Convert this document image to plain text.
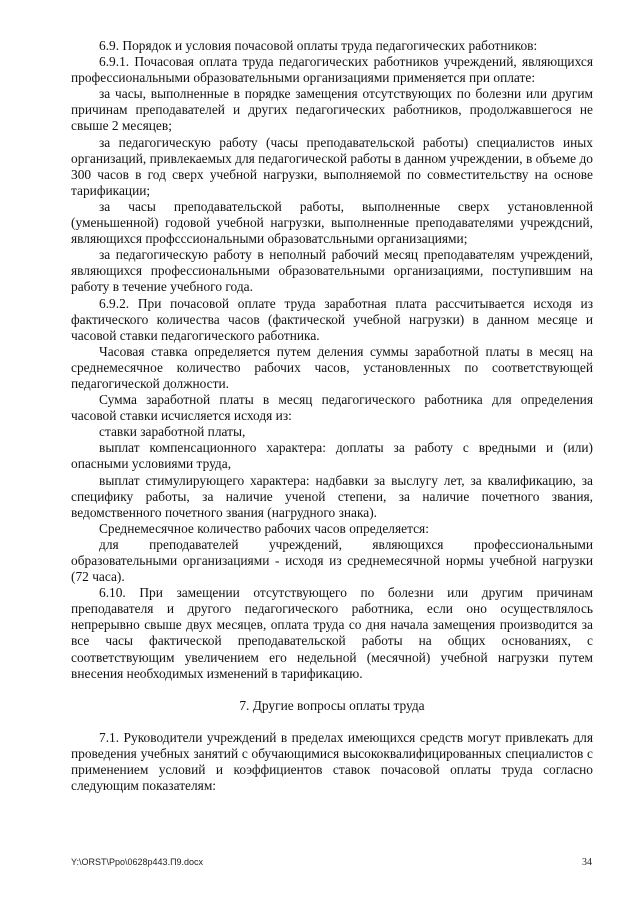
6.9. Порядок и условия почасовой оплаты труда педагогических работников:

6.9.1. Почасовая оплата труда педагогических работников учреждений, являющихся профессиональными образовательными организациями применяется при оплате:

за часы, выполненные в порядке замещения отсутствующих по болезни или другим причинам преподавателей и других педагогических работников, продолжавшегося не свыше 2 месяцев;

за педагогическую работу (часы преподавательской работы) специалистов иных организаций, привлекаемых для педагогической работы в данном учреждении, в объеме до 300 часов в год сверх учебной нагрузки, выполняемой по совместительству на основе тарификации;

за часы преподавательской работы, выполненные сверх установленной (уменьшенной) годовой учебной нагрузки, выполненные преподавателями учреждсний, являющихся профсссиональными образоватсльными организациями;

за педагогическую работу в неполный рабочий месяц преподавателям учреждений, являющихся профессиональными образовательными организациями, поступившим на работу в течение учебного года.

6.9.2. При почасовой оплате труда заработная плата рассчитывается исходя из фактического количества часов (фактической учебной нагрузки) в данном месяце и часовой ставки педагогического работника.

Часовая ставка определяется путем деления суммы заработной платы в месяц на среднемесячное количество рабочих часов, установленных по соответствующей педагогической должности.

Сумма заработной платы в месяц педагогического работника для определения часовой ставки исчисляется исходя из:

ставки заработной платы,

выплат компенсационного характера: доплаты за работу с вредными и (или) опасными условиями труда,

выплат стимулирующего характера: надбавки за выслугу лет, за квалификацию, за специфику работы, за наличие ученой степени, за наличие почетного звания, ведомственного почетного звания (нагрудного знака).

Среднемесячное количество рабочих часов определяется:

для преподавателей учреждений, являющихся профессиональными образовательными организациями - исходя из среднемесячной нормы учебной нагрузки (72 часа).

6.10. При замещении отсутствующего по болезни или другим причинам преподавателя и другого педагогического работника, если оно осуществлялось непрерывно свыше двух месяцев, оплата труда со дня начала замещения производится за все часы фактической преподавательской работы на общих основаниях, с соответствующим увеличением его недельной (месячной) учебной нагрузки путем внесения необходимых изменений в тарификацию.

7. Другие вопросы оплаты труда

7.1. Руководители учреждений в пределах имеющихся средств могут привлекать для проведения учебных занятий с обучающимися высококвалифицированных специалистов с применением условий и коэффициентов ставок почасовой оплаты труда согласно следующим показателям:

Y:\ORST\Ppo\0628p443.П9.docx	34
